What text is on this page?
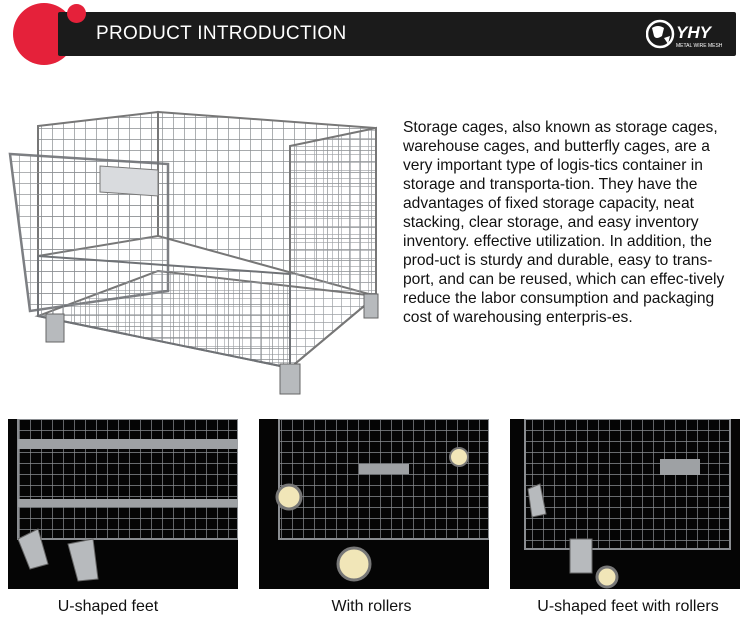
PRODUCT INTRODUCTION	YHY
METAL WIRE MESH

Storage cages, also known as storage cages, warehouse cages, and butterfly cages, are a very important type of logis-tics container in storage and transporta-tion. They have the advantages of fixed storage capacity, neat stacking, clear storage, and easy inventory inventory. effective utilization. In addition, the prod-uct is sturdy and durable, easy to trans-port, and can be reused, which can effec-tively reduce the labor consumption and packaging cost of warehousing enterpris-es.

U-shaped feet	With rollers	U-shaped feet with rollers
